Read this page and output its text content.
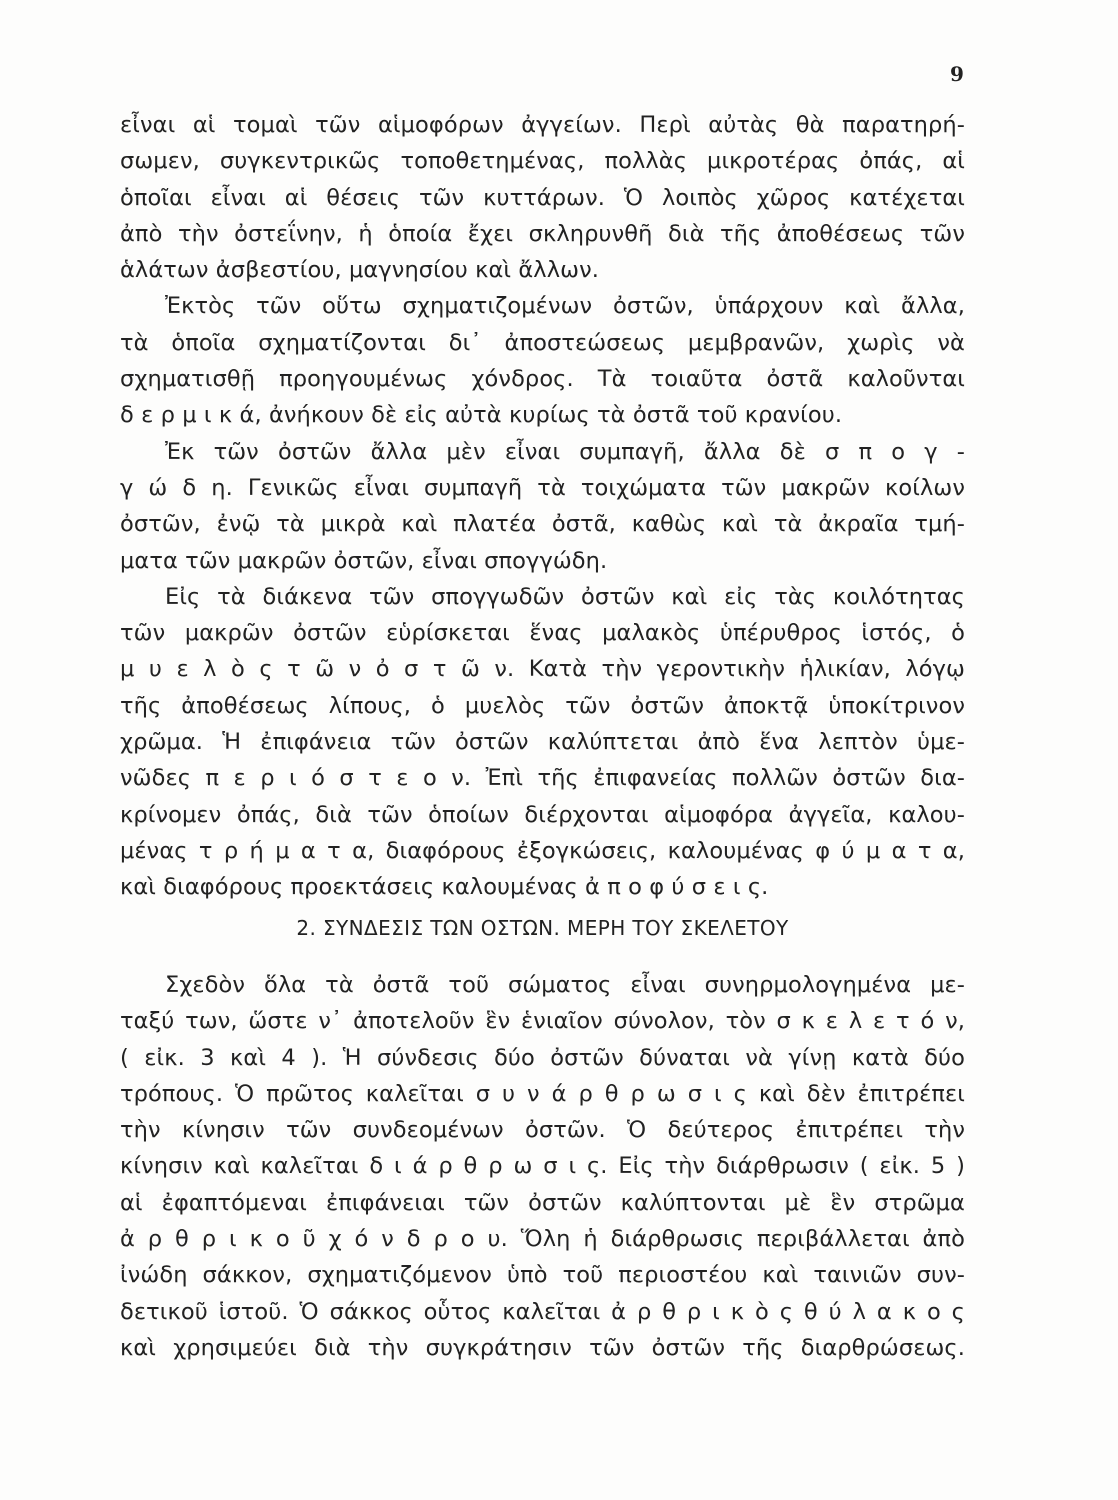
9
εἶναι αἱ τομαὶ τῶν αἱμοφόρων ἀγγείων. Περὶ αὐτὰς θὰ παρατηρή-
σωμεν, συγκεντρικῶς τοποθετημένας, πολλὰς μικροτέρας ὀπάς, αἱ
ὁποῖαι εἶναι αἱ θέσεις τῶν κυττάρων. Ὁ λοιπὸς χῶρος κατέχεται
ἀπὸ τὴν ὀστεΐνην, ἡ ὁποία ἔχει σκληρυνθῆ διὰ τῆς ἀποθέσεως τῶν
ἁλάτων ἀσβεστίου, μαγνησίου καὶ ἄλλων.
Ἐκτὸς τῶν οὕτω σχηματιζομένων ὀστῶν, ὑπάρχουν καὶ ἄλλα,
τὰ ὁποῖα σχηματίζονται δι᾽ ἀποστεώσεως μεμβρανῶν, χωρὶς νὰ
σχηματισθῇ προηγουμένως χόνδρος. Τὰ τοιαῦτα ὀστᾶ καλοῦνται
δ ε ρ μ ι κ ά, ἀνήκουν δὲ εἰς αὐτὰ κυρίως τὰ ὀστᾶ τοῦ κρανίου.
Ἐκ τῶν ὀστῶν ἄλλα μὲν εἶναι συμπαγῆ, ἄλλα δὲ σ π ο γ -
γ ώ δ η. Γενικῶς εἶναι συμπαγῆ τὰ τοιχώματα τῶν μακρῶν κοίλων
ὀστῶν, ἐνῷ τὰ μικρὰ καὶ πλατέα ὀστᾶ, καθὼς καὶ τὰ ἀκραῖα τμή-
ματα τῶν μακρῶν ὀστῶν, εἶναι σπογγώδη.
Εἰς τὰ διάκενα τῶν σπογγωδῶν ὀστῶν καὶ εἰς τὰς κοιλότητας
τῶν μακρῶν ὀστῶν εὑρίσκεται ἕνας μαλακὸς ὑπέρυθρος ἱστός, ὁ
μ υ ε λ ὸ ς τ ῶ ν ὀ σ τ ῶ ν. Κατὰ τὴν γεροντικὴν ἡλικίαν, λόγῳ
τῆς ἀποθέσεως λίπους, ὁ μυελὸς τῶν ὀστῶν ἀποκτᾷ ὑποκίτρινον
χρῶμα. Ἡ ἐπιφάνεια τῶν ὀστῶν καλύπτεται ἀπὸ ἕνα λεπτὸν ὑμε-
νῶδες π ε ρ ι ό σ τ ε ο ν. Ἐπὶ τῆς ἐπιφανείας πολλῶν ὀστῶν δια-
κρίνομεν ὀπάς, διὰ τῶν ὁποίων διέρχονται αἱμοφόρα ἀγγεῖα, καλου-
μένας τ ρ ή μ α τ α, διαφόρους ἐξογκώσεις, καλουμένας φ ύ μ α τ α,
καὶ διαφόρους προεκτάσεις καλουμένας ἀ π ο φ ύ σ ε ι ς.
2. ΣΥΝΔΕΣΙΣ ΤΩΝ ΟΣΤΩΝ. ΜΕΡΗ ΤΟΥ ΣΚΕΛΕΤΟΥ
Σχεδὸν ὅλα τὰ ὀστᾶ τοῦ σώματος εἶναι συνηρμολογημένα με-
ταξύ των, ὥστε ν᾽ ἀποτελοῦν ἓν ἑνιαῖον σύνολον, τὸν σ κ ε λ ε τ ό ν,
( εἰκ. 3 καὶ 4 ). Ἡ σύνδεσις δύο ὀστῶν δύναται νὰ γίνῃ κατὰ δύο
τρόπους. Ὁ πρῶτος καλεῖται σ υ ν ά ρ θ ρ ω σ ι ς καὶ δὲν ἐπιτρέπει
τὴν κίνησιν τῶν συνδεομένων ὀστῶν. Ὁ δεύτερος ἐπιτρέπει τὴν
κίνησιν καὶ καλεῖται δ ι ά ρ θ ρ ω σ ι ς. Εἰς τὴν διάρθρωσιν ( εἰκ. 5 )
αἱ ἐφαπτόμεναι ἐπιφάνειαι τῶν ὀστῶν καλύπτονται μὲ ἓν στρῶμα
ἀ ρ θ ρ ι κ ο ῦ χ ό ν δ ρ ο υ. Ὅλη ἡ διάρθρωσις περιβάλλεται ἀπὸ
ἰνώδη σάκκον, σχηματιζόμενον ὑπὸ τοῦ περιοστέου καὶ ταινιῶν συν-
δετικοῦ ἱστοῦ. Ὁ σάκκος οὗτος καλεῖται ἀ ρ θ ρ ι κ ὸ ς θ ύ λ α κ ο ς
καὶ χρησιμεύει διὰ τὴν συγκράτησιν τῶν ὀστῶν τῆς διαρθρώσεως.
